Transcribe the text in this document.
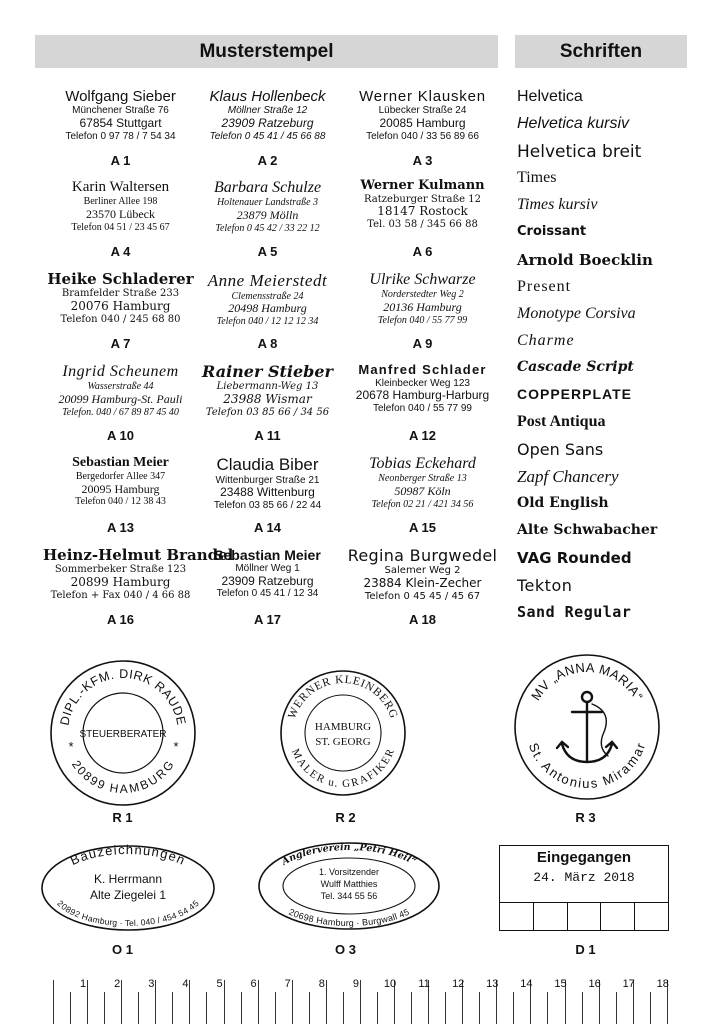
Musterstempel	Schriften
Wolfgang Sieber
Münchener Straße 76
67854 Stuttgart
Telefon 0 97 78 / 7 54 34
A 1
Klaus Hollenbeck
Möllner Straße 12
23909 Ratzeburg
Telefon 0 45 41 / 45 66 88
A 2
Werner Klausken
Lübecker Straße 24
20085 Hamburg
Telefon 040 / 33 56 89 66
A 3
Karin Waltersen
Berliner Allee 198
23570 Lübeck
Telefon 04 51 / 23 45 67
A 4
Barbara Schulze
Holtenauer Landstraße 3
23879 Mölln
Telefon 0 45 42 / 33 22 12
A 5
Werner Kulmann
Ratzeburger Straße 12
18147 Rostock
Tel. 03 58 / 345 66 88
A 6
Heike Schladerer
Bramfelder Straße 233
20076 Hamburg
Telefon 040 / 245 68 80
A 7
Anne Meierstedt
Clemensstraße 24
20498 Hamburg
Telefon 040 / 12 12 12 34
A 8
Ulrike Schwarze
Norderstedter Weg 2
20136 Hamburg
Telefon 040 / 55 77 99
A 9
Ingrid Scheunem
Wasserstraße 44
20099 Hamburg-St. Pauli
Telefon. 040 / 67 89 87 45 40
A 10
Rainer Stieber
Liebermann-Weg 13
23988 Wismar
Telefon 03 85 66 / 34 56
A 11
Manfred Schlader
Kleinbecker Weg 123
20678 Hamburg-Harburg
Telefon 040 / 55 77 99
A 12
Sebastian Meier
Bergedorfer Allee 347
20095 Hamburg
Telefon 040 / 12 38 43
A 13
Claudia Biber
Wittenburger Straße 21
23488 Wittenburg
Telefon 03 85 66 / 22 44
A 14
Tobias Eckehard
Neonberger Straße 13
50987 Köln
Telefon 02 21 / 421 34 56
A 15
Heinz-Helmut Brandel
Sommerbeker Straße 123
20899 Hamburg
Telefon + Fax 040 / 4 66 88
A 16
Sebastian Meier
Möllner Weg 1
23909 Ratzeburg
Telefon 0 45 41 / 12 34
A 17
Regina Burgwedel
Salemer Weg 2
23884 Klein-Zecher
Telefon 0 45 45 / 45 67
A 18
Helvetica
Helvetica kursiv
Helvetica breit
Times
Times kursiv
Croissant
Arnold Boecklin
Present
Monotype Corsiva
Charme
Cascade Script
COPPERPLATE
Post Antiqua
Open Sans
Zapf Chancery
Old English
Alte Schwabacher
VAG Rounded
Tekton
Sand Regular
DIPL.-KFM. DIRK RAUDE
20899 HAMBURG
STEUERBERATER
*	*
WERNER KLEINBERG
MALER u. GRAFIKER
HAMBURG
ST. GEORG
MV „ANNA MARIA“
St. Antonius Miramar
R 1	R 2	R 3
Bauzeichnungen
20892 Hamburg · Tel. 040 / 454 54 45
K. Herrmann
Alte Ziegelei 1
Anglerverein „Petri Heil“
20698 Hamburg · Burgwall 45
1. Vorsitzender
Wulff Matthies
Tel. 344 55 56
Eingegangen
24. März 2018
O 1	O 3	D 1
1	2	3	4	5	6	7	8	9	10	11	12	13	14	15	16	17	18
